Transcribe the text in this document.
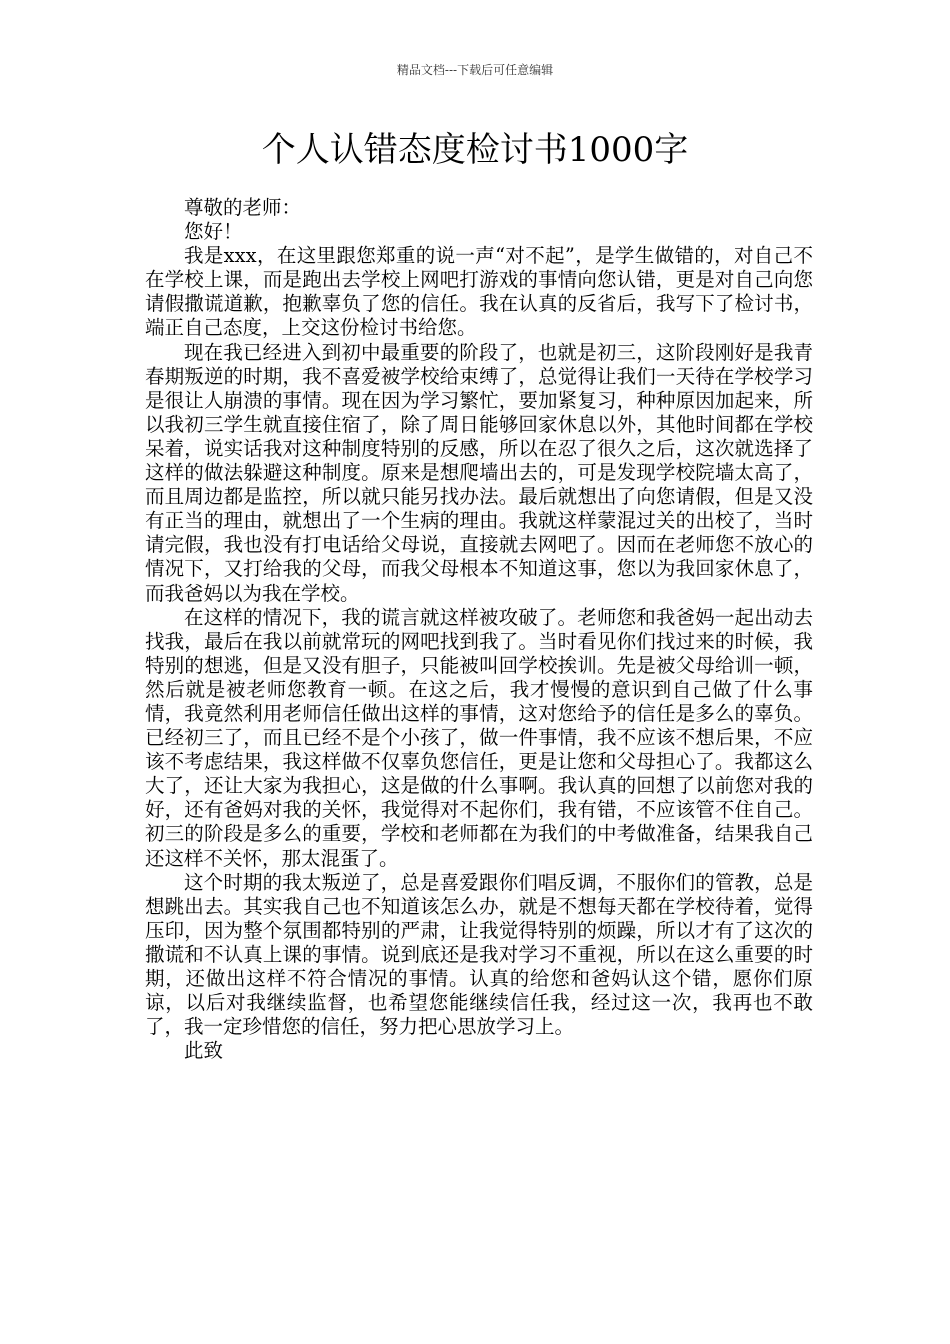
精品文档---下载后可任意编辑
个人认错态度检讨书1000字

尊敬的老师：

您好！

我是xxx，在这里跟您郑重的说一声“对不起”，是学生做错的，对自己不在学校上课，而是跑出去学校上网吧打游戏的事情向您认错，更是对自己向您请假撒谎道歉，抱歉辜负了您的信任。我在认真的反省后，我写下了检讨书，端正自己态度，上交这份检讨书给您。

现在我已经进入到初中最重要的阶段了，也就是初三，这阶段刚好是我青春期叛逆的时期，我不喜爱被学校给束缚了，总觉得让我们一天待在学校学习是很让人崩溃的事情。现在因为学习繁忙，要加紧复习，种种原因加起来，所以我初三学生就直接住宿了，除了周日能够回家休息以外，其他时间都在学校呆着，说实话我对这种制度特别的反感，所以在忍了很久之后，这次就选择了这样的做法躲避这种制度。原来是想爬墙出去的，可是发现学校院墙太高了，而且周边都是监控，所以就只能另找办法。最后就想出了向您请假，但是又没有正当的理由，就想出了一个生病的理由。我就这样蒙混过关的出校了，当时请完假，我也没有打电话给父母说，直接就去网吧了。因而在老师您不放心的情况下，又打给我的父母，而我父母根本不知道这事，您以为我回家休息了，而我爸妈以为我在学校。

在这样的情况下，我的谎言就这样被攻破了。老师您和我爸妈一起出动去找我，最后在我以前就常玩的网吧找到我了。当时看见你们找过来的时候，我特别的想逃，但是又没有胆子，只能被叫回学校挨训。先是被父母给训一顿，然后就是被老师您教育一顿。在这之后，我才慢慢的意识到自己做了什么事情，我竟然利用老师信任做出这样的事情，这对您给予的信任是多么的辜负。已经初三了，而且已经不是个小孩了，做一件事情，我不应该不想后果，不应该不考虑结果，我这样做不仅辜负您信任，更是让您和父母担心了。我都这么大了，还让大家为我担心，这是做的什么事啊。我认真的回想了以前您对我的好，还有爸妈对我的关怀，我觉得对不起你们，我有错，不应该管不住自己。初三的阶段是多么的重要，学校和老师都在为我们的中考做准备，结果我自己还这样不关怀，那太混蛋了。

这个时期的我太叛逆了，总是喜爱跟你们唱反调，不服你们的管教，总是想跳出去。其实我自己也不知道该怎么办，就是不想每天都在学校待着，觉得压印，因为整个氛围都特别的严肃，让我觉得特别的烦躁，所以才有了这次的撒谎和不认真上课的事情。说到底还是我对学习不重视，所以在这么重要的时期，还做出这样不符合情况的事情。认真的给您和爸妈认这个错，愿你们原谅，以后对我继续监督，也希望您能继续信任我，经过这一次，我再也不敢了，我一定珍惜您的信任，努力把心思放学习上。

此致
